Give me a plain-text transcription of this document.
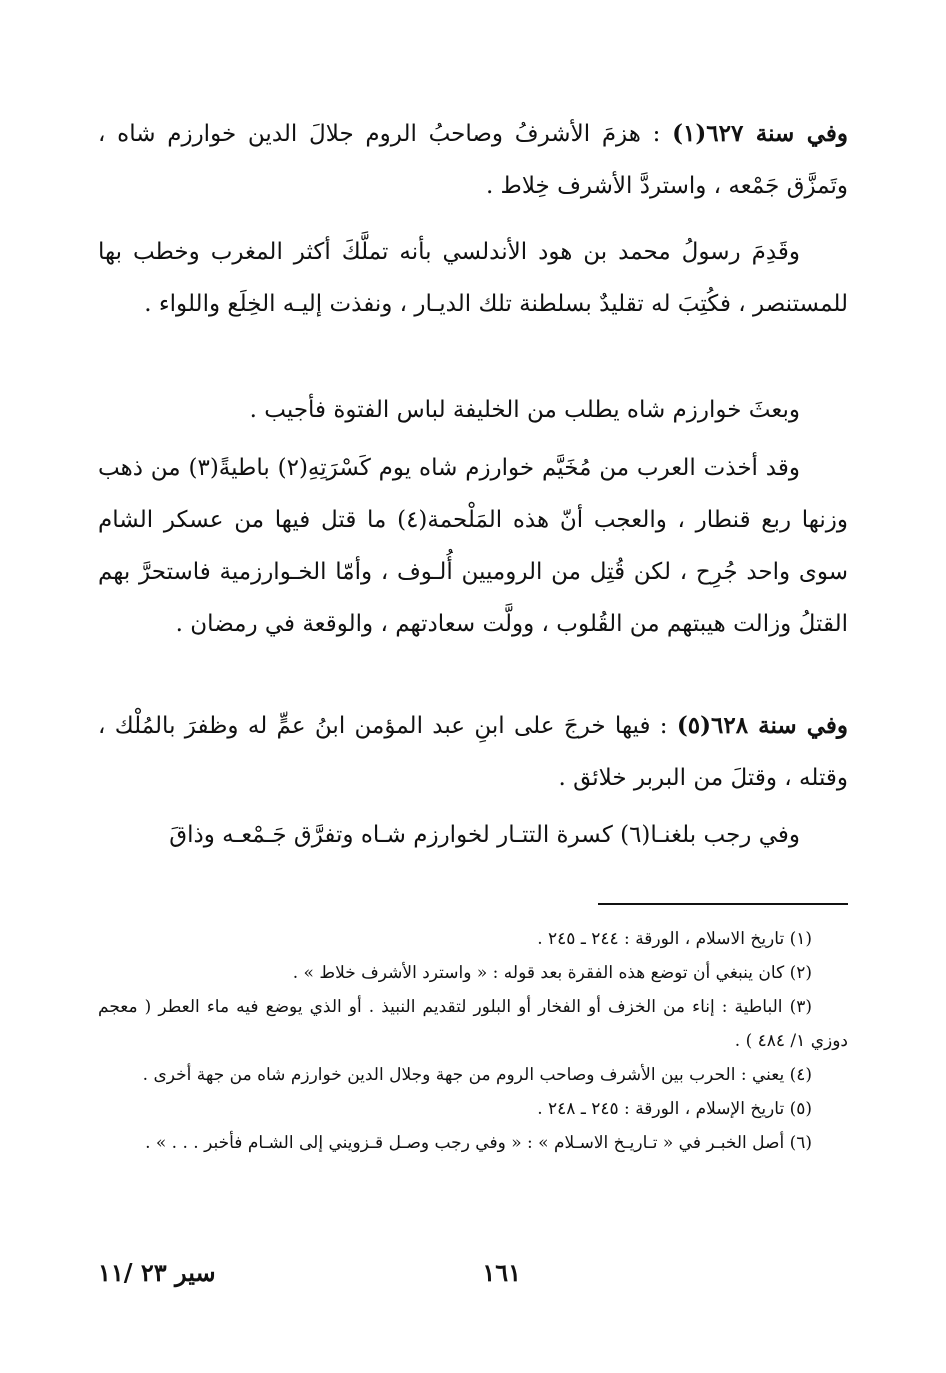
وفي سنة ٦٢٧(١) : هزمَ الأشرفُ وصاحبُ الروم جلالَ الدين خوارزم شاه ، وتَمزَّق جَمْعه ، واستردَّ الأشرف خِلاط .

وقَدِمَ رسولُ محمد بن هود الأندلسي بأنه تملَّكَ أكثر المغرب وخطب بها للمستنصر ، فكُتِبَ له تقليدٌ بسلطنة تلك الديـار ، ونفذت إليـه الخِلَع واللواء .

وبعثَ خوارزم شاه يطلب من الخليفة لباس الفتوة فأجيب .

وقد أخذت العرب من مُخَيَّم خوارزم شاه يوم كَسْرَتِهِ(٢) باطيةً(٣) من ذهب وزنها ربع قنطار ، والعجب أنّ هذه المَلْحمة(٤) ما قتل فيها من عسكر الشام سوى واحد جُرِح ، لكن قُتِل من الروميين أُلـوف ، وأمّا الخـوارزمية فاستحرَّ بهم القتلُ وزالت هيبتهم من القُلوب ، وولَّت سعادتهم ، والوقعة في رمضان .

وفي سنة ٦٢٨(٥) : فيها خرجَ على ابنِ عبد المؤمن ابنُ عمٍّ له وظفرَ بالمُلْك ، وقتله ، وقتلَ من البربر خلائق .

وفي رجب بلغنـا(٦) كسرة التتـار لخوارزم شـاه وتفرَّق جَـمْعـه وذاقَ

(١) تاريخ الاسلام ، الورقة : ٢٤٤ ـ ٢٤٥ .

(٢) كان ينبغي أن توضع هذه الفقرة بعد قوله : « واسترد الأشرف خلاط » .

(٣) الباطية : إناء من الخزف أو الفخار أو البلور لتقديم النبيذ . أو الذي يوضع فيه ماء العطر ( معجم دوزي ١/ ٤٨٤ ) .

(٤) يعني : الحرب بين الأشرف وصاحب الروم من جهة وجلال الدين خوارزم شاه من جهة أخرى .

(٥) تاريخ الإسلام ، الورقة : ٢٤٥ ـ ٢٤٨ .

(٦) أصل الخبـر في « تـاريـخ الاسـلام » : « وفي رجب وصـل قـزويني إلى الشـام فأخبر . . . » .

١٦١
سير ٢٣ /١١
